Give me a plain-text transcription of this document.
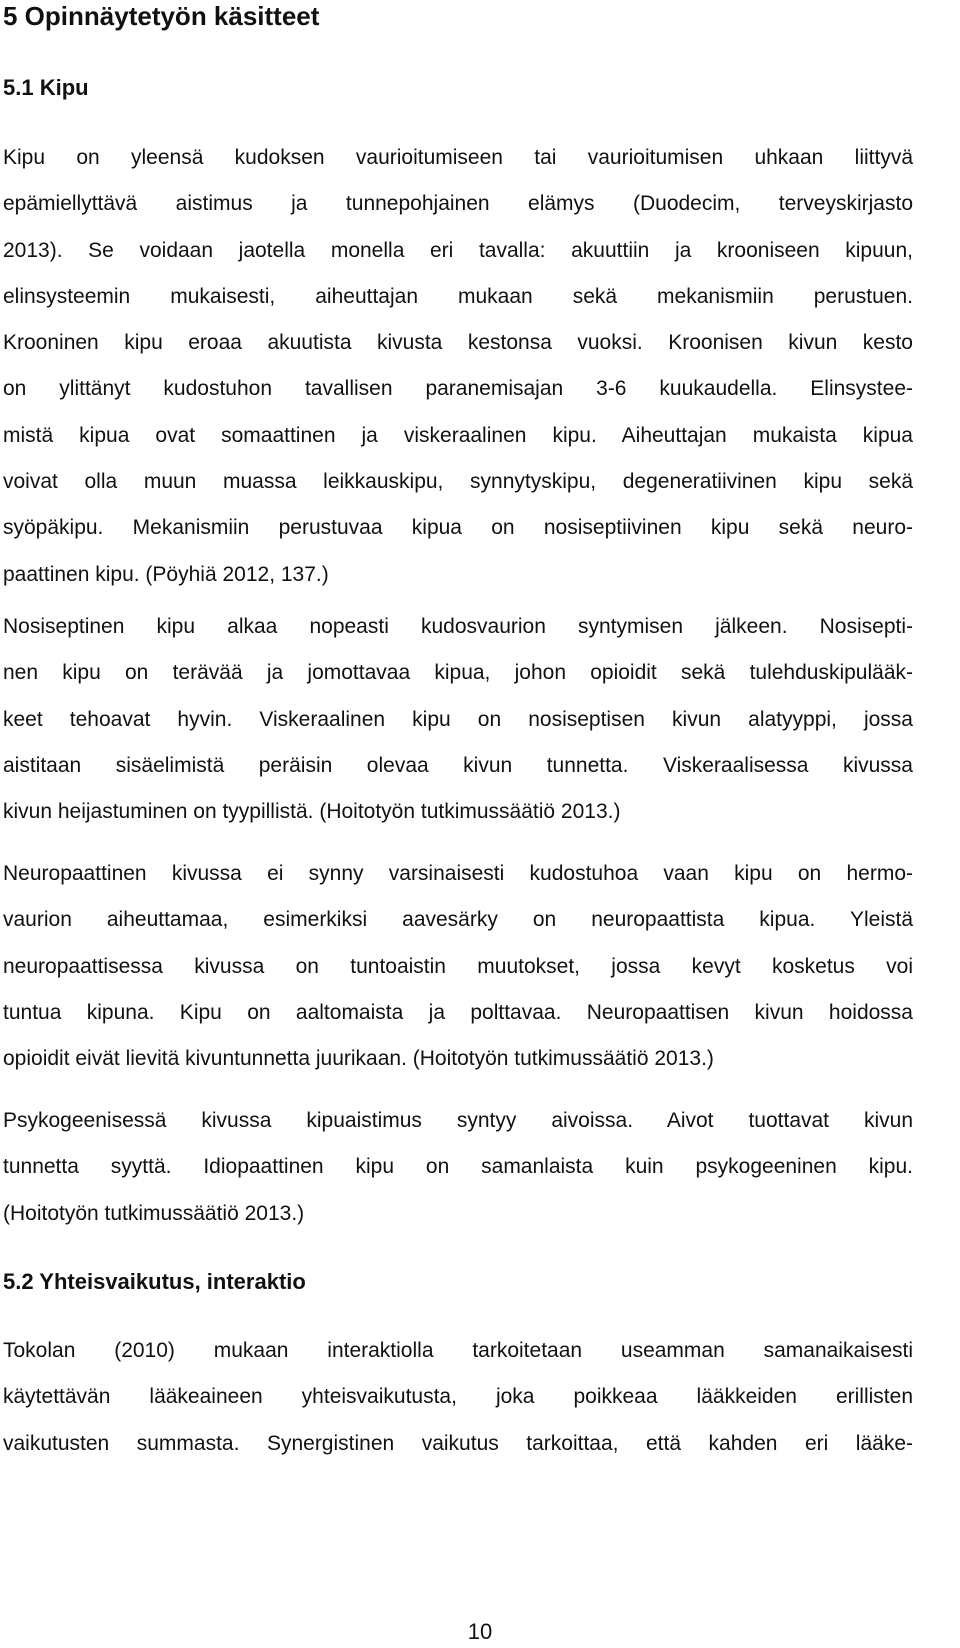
5 Opinnäytetyön käsitteet
5.1 Kipu
Kipu on yleensä kudoksen vaurioitumiseen tai vaurioitumisen uhkaan liittyvä
epämiellyttävä aistimus ja tunnepohjainen elämys (Duodecim, terveyskirjasto
2013). Se voidaan jaotella monella eri tavalla: akuuttiin ja krooniseen kipuun,
elinsysteemin mukaisesti, aiheuttajan mukaan sekä mekanismiin perustuen.
Krooninen kipu eroaa akuutista kivusta kestonsa vuoksi. Kroonisen kivun kesto
on ylittänyt kudostuhon tavallisen paranemisajan 3-6 kuukaudella. Elinsystee-
mistä kipua ovat somaattinen ja viskeraalinen kipu. Aiheuttajan mukaista kipua
voivat olla muun muassa leikkauskipu, synnytyskipu, degeneratiivinen kipu sekä
syöpäkipu. Mekanismiin perustuvaa kipua on nosiseptiivinen kipu sekä neuro-
paattinen kipu. (Pöyhiä 2012, 137.)
Nosiseptinen kipu alkaa nopeasti kudosvaurion syntymisen jälkeen. Nosisepti-
nen kipu on terävää ja jomottavaa kipua, johon opioidit sekä tulehduskipulääk-
keet tehoavat hyvin. Viskeraalinen kipu on nosiseptisen kivun alatyyppi, jossa
aistitaan sisäelimistä peräisin olevaa kivun tunnetta. Viskeraalisessa kivussa
kivun heijastuminen on tyypillistä. (Hoitotyön tutkimussäätiö 2013.)
Neuropaattinen kivussa ei synny varsinaisesti kudostuhoa vaan kipu on hermo-
vaurion aiheuttamaa, esimerkiksi aavesärky on neuropaattista kipua. Yleistä
neuropaattisessa kivussa on tuntoaistin muutokset, jossa kevyt kosketus voi
tuntua kipuna. Kipu on aaltomaista ja polttavaa. Neuropaattisen kivun hoidossa
opioidit eivät lievitä kivuntunnetta juurikaan. (Hoitotyön tutkimussäätiö 2013.)
Psykogeenisessä kivussa kipuaistimus syntyy aivoissa. Aivot tuottavat kivun
tunnetta syyttä. Idiopaattinen kipu on samanlaista kuin psykogeeninen kipu.
(Hoitotyön tutkimussäätiö 2013.)
5.2 Yhteisvaikutus, interaktio
Tokolan (2010) mukaan interaktiolla tarkoitetaan useamman samanaikaisesti
käytettävän lääkeaineen yhteisvaikutusta, joka poikkeaa lääkkeiden erillisten
vaikutusten summasta. Synergistinen vaikutus tarkoittaa, että kahden eri lääke-

10
